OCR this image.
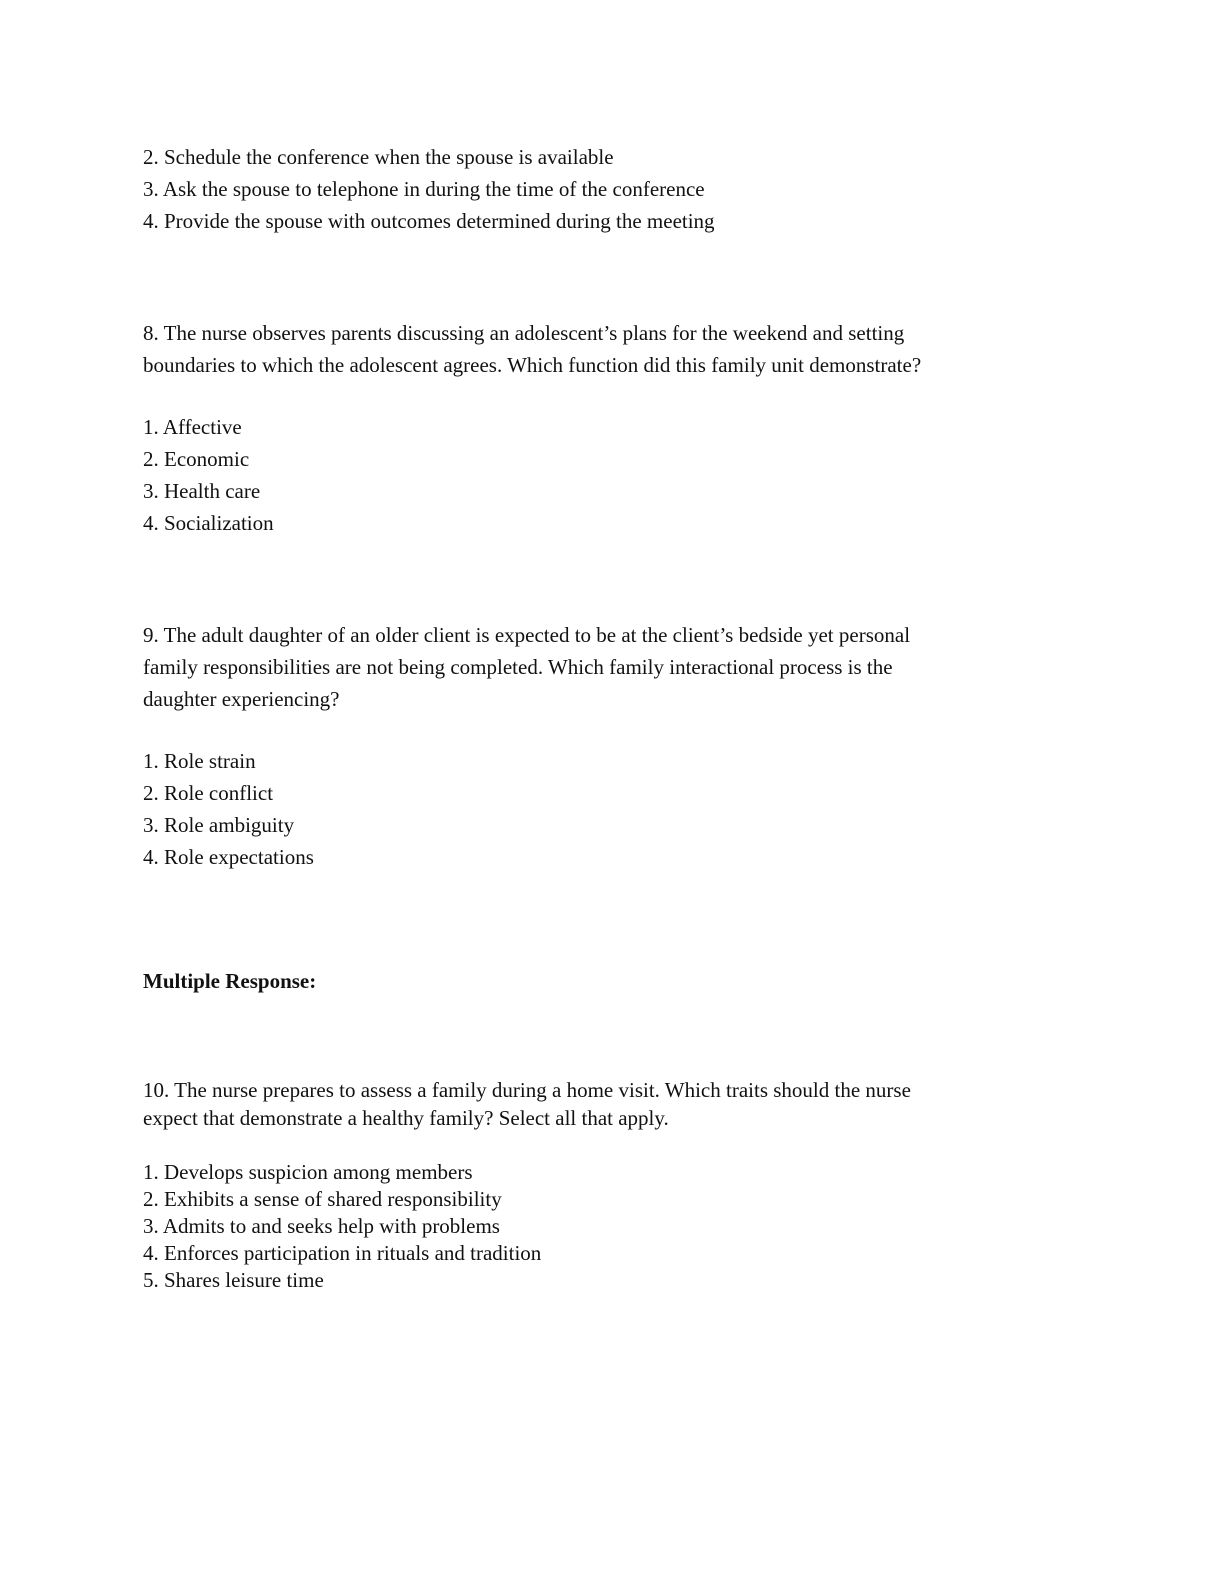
2. Schedule the conference when the spouse is available
3. Ask the spouse to telephone in during the time of the conference
4. Provide the spouse with outcomes determined during the meeting
8. The nurse observes parents discussing an adolescent’s plans for the weekend and setting
boundaries to which the adolescent agrees. Which function did this family unit demonstrate?
1. Affective
2. Economic
3. Health care
4. Socialization
9. The adult daughter of an older client is expected to be at the client’s bedside yet personal
family responsibilities are not being completed. Which family interactional process is the
daughter experiencing?
1. Role strain
2. Role conflict
3. Role ambiguity
4. Role expectations
Multiple Response:
10. The nurse prepares to assess a family during a home visit. Which traits should the nurse
expect that demonstrate a healthy family? Select all that apply.
1. Develops suspicion among members
2. Exhibits a sense of shared responsibility
3. Admits to and seeks help with problems
4. Enforces participation in rituals and tradition
5. Shares leisure time
